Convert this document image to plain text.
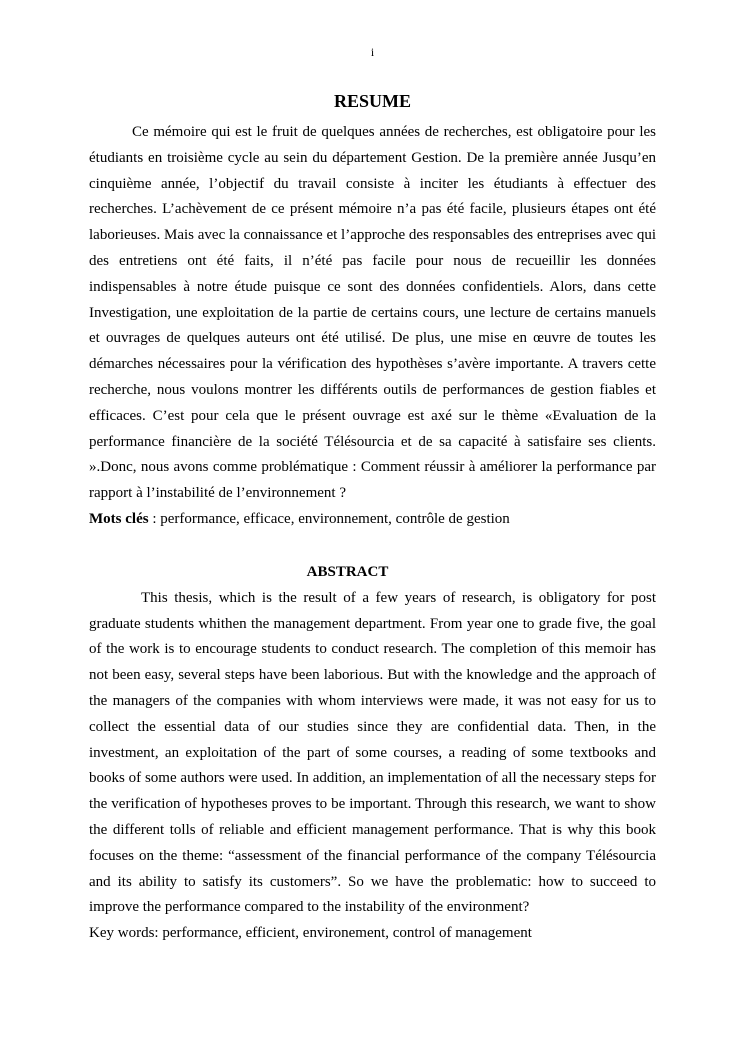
i
RESUME

Ce mémoire qui est le fruit de quelques années de recherches, est obligatoire pour les étudiants en troisième cycle au sein du département Gestion. De la première année Jusqu’en cinquième année, l’objectif du travail consiste à inciter les étudiants à effectuer des recherches. L’achèvement de ce présent mémoire n’a pas été facile, plusieurs étapes ont été laborieuses. Mais avec la connaissance et l’approche des responsables des entreprises avec qui des entretiens ont été faits, il n’été pas facile pour nous de recueillir les données indispensables à notre étude puisque ce sont des données confidentiels. Alors, dans cette Investigation, une exploitation de la partie de certains cours, une lecture de certains manuels et ouvrages de quelques auteurs ont été utilisé. De plus, une mise en œuvre de toutes les démarches nécessaires pour la vérification des hypothèses s’avère importante. A travers cette recherche, nous voulons montrer les différents outils de performances de gestion fiables et efficaces. C’est pour cela que le présent ouvrage est axé sur le thème «Evaluation de la performance financière de la société Télésourcia et de sa capacité à satisfaire ses clients. ».Donc, nous avons comme problématique : Comment réussir à améliorer la performance par rapport à l’instabilité de l’environnement ?

Mots clés : performance, efficace, environnement, contrôle de gestion

ABSTRACT

This thesis, which is the result of a few years of research, is obligatory for post graduate students whithen the management department. From year one to grade five, the goal of the work is to encourage students to conduct research. The completion of this memoir has not been easy, several steps have been laborious. But with the knowledge and the approach of the managers of the companies with whom interviews were made, it was not easy for us to collect the essential data of our studies since they are confidential data. Then, in the investment, an exploitation of the part of some courses, a reading of some textbooks and books of some authors were used. In addition, an implementation of all the necessary steps for the verification of hypotheses proves to be important. Through this research, we want to show the different tolls of reliable and efficient management performance. That is why this book focuses on the theme: “assessment of the financial performance of the company Télésourcia and its ability to satisfy its customers”. So we have the problematic: how to succeed to improve the performance compared to the instability of the environment?

Key words: performance, efficient, environement, control of management
